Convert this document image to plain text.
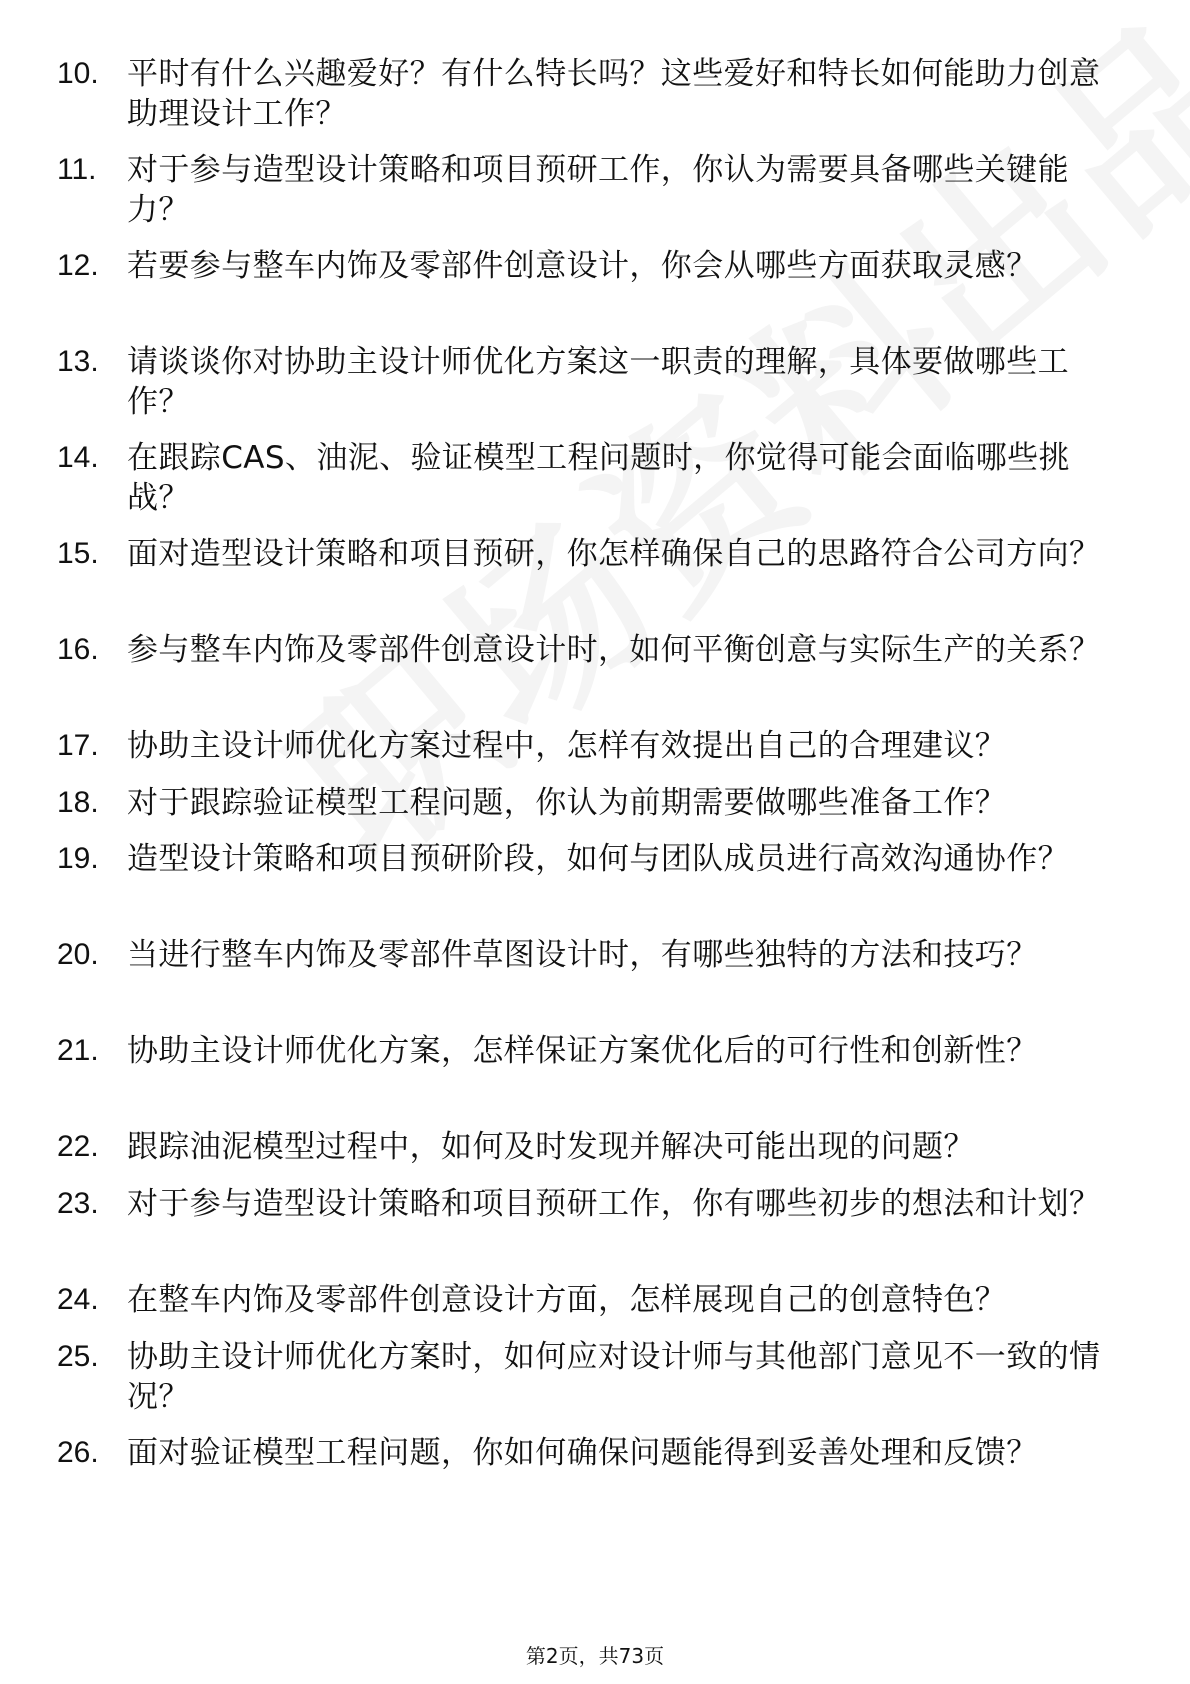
10. 平时有什么兴趣爱好？有什么特长吗？这些爱好和特长如何能助力创意助理设计工作？
11. 对于参与造型设计策略和项目预研工作，你认为需要具备哪些关键能力？
12. 若要参与整车内饰及零部件创意设计，你会从哪些方面获取灵感？
13. 请谈谈你对协助主设计师优化方案这一职责的理解，具体要做哪些工作？
14. 在跟踪CAS、油泥、验证模型工程问题时，你觉得可能会面临哪些挑战？
15. 面对造型设计策略和项目预研，你怎样确保自己的思路符合公司方向？
16. 参与整车内饰及零部件创意设计时，如何平衡创意与实际生产的关系？
17. 协助主设计师优化方案过程中，怎样有效提出自己的合理建议？
18. 对于跟踪验证模型工程问题，你认为前期需要做哪些准备工作？
19. 造型设计策略和项目预研阶段，如何与团队成员进行高效沟通协作？
20. 当进行整车内饰及零部件草图设计时，有哪些独特的方法和技巧？
21. 协助主设计师优化方案，怎样保证方案优化后的可行性和创新性？
22. 跟踪油泥模型过程中，如何及时发现并解决可能出现的问题？
23. 对于参与造型设计策略和项目预研工作，你有哪些初步的想法和计划？
24. 在整车内饰及零部件创意设计方面，怎样展现自己的创意特色？
25. 协助主设计师优化方案时，如何应对设计师与其他部门意见不一致的情况？
26. 面对验证模型工程问题，你如何确保问题能得到妥善处理和反馈？
第2页，共73页
